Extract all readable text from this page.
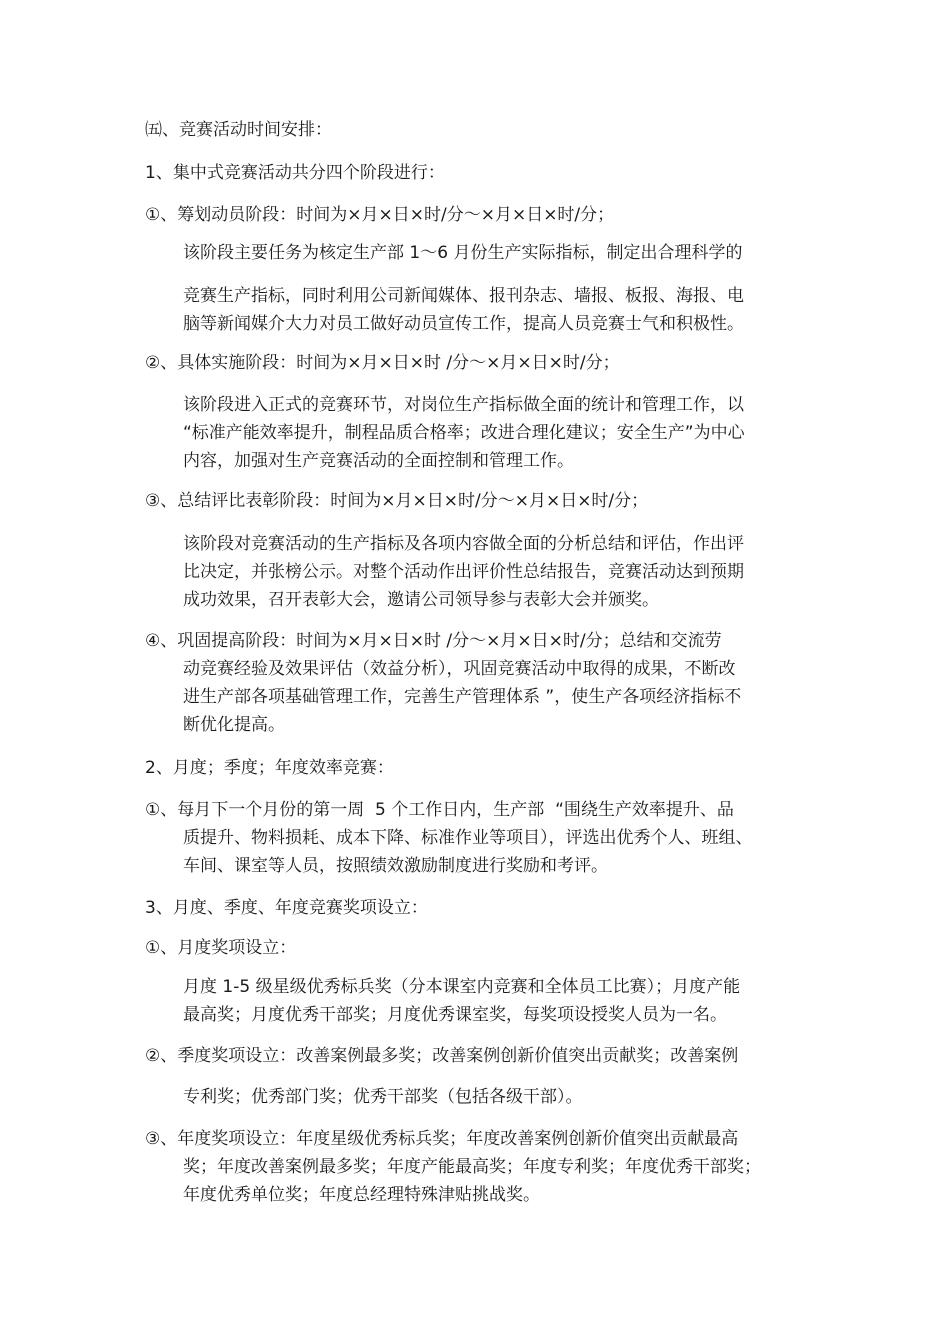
㈤、竞赛活动时间安排：
1、集中式竞赛活动共分四个阶段进行：
①、筹划动员阶段：时间为×月×日×时/分～×月×日×时/分；
该阶段主要任务为核定生产部 1～6 月份生产实际指标，制定出合理科学的
竞赛生产指标，同时利用公司新闻媒体、报刊杂志、墙报、板报、海报、电
脑等新闻媒介大力对员工做好动员宣传工作，提高人员竞赛士气和积极性。
②、具体实施阶段：时间为×月×日×时 /分～×月×日×时/分；
该阶段进入正式的竞赛环节，对岗位生产指标做全面的统计和管理工作，以
“标准产能效率提升，制程品质合格率；改进合理化建议；安全生产”为中心
内容，加强对生产竞赛活动的全面控制和管理工作。
③、总结评比表彰阶段：时间为×月×日×时/分～×月×日×时/分；
该阶段对竞赛活动的生产指标及各项内容做全面的分析总结和评估，作出评
比决定，并张榜公示。对整个活动作出评价性总结报告，竞赛活动达到预期
成功效果，召开表彰大会，邀请公司领导参与表彰大会并颁奖。
④、巩固提高阶段：时间为×月×日×时 /分～×月×日×时/分；总结和交流劳
动竞赛经验及效果评估（效益分析），巩固竞赛活动中取得的成果，不断改
进生产部各项基础管理工作，完善生产管理体系 ”，使生产各项经济指标不
断优化提高。
2、月度；季度；年度效率竞赛：
①、每月下一个月份的第一周  5 个工作日内，生产部  “围绕生产效率提升、品
质提升、物料损耗、成本下降、标准作业等项目），评选出优秀个人、班组、
车间、课室等人员，按照绩效激励制度进行奖励和考评。
3、月度、季度、年度竞赛奖项设立：
①、月度奖项设立：
月度 1-5 级星级优秀标兵奖（分本课室内竞赛和全体员工比赛）；月度产能
最高奖；月度优秀干部奖；月度优秀课室奖，每奖项设授奖人员为一名。
②、季度奖项设立：改善案例最多奖；改善案例创新价值突出贡献奖；改善案例
专利奖；优秀部门奖；优秀干部奖（包括各级干部）。
③、年度奖项设立：年度星级优秀标兵奖；年度改善案例创新价值突出贡献最高
奖；年度改善案例最多奖；年度产能最高奖；年度专利奖；年度优秀干部奖；
年度优秀单位奖；年度总经理特殊津贴挑战奖。
